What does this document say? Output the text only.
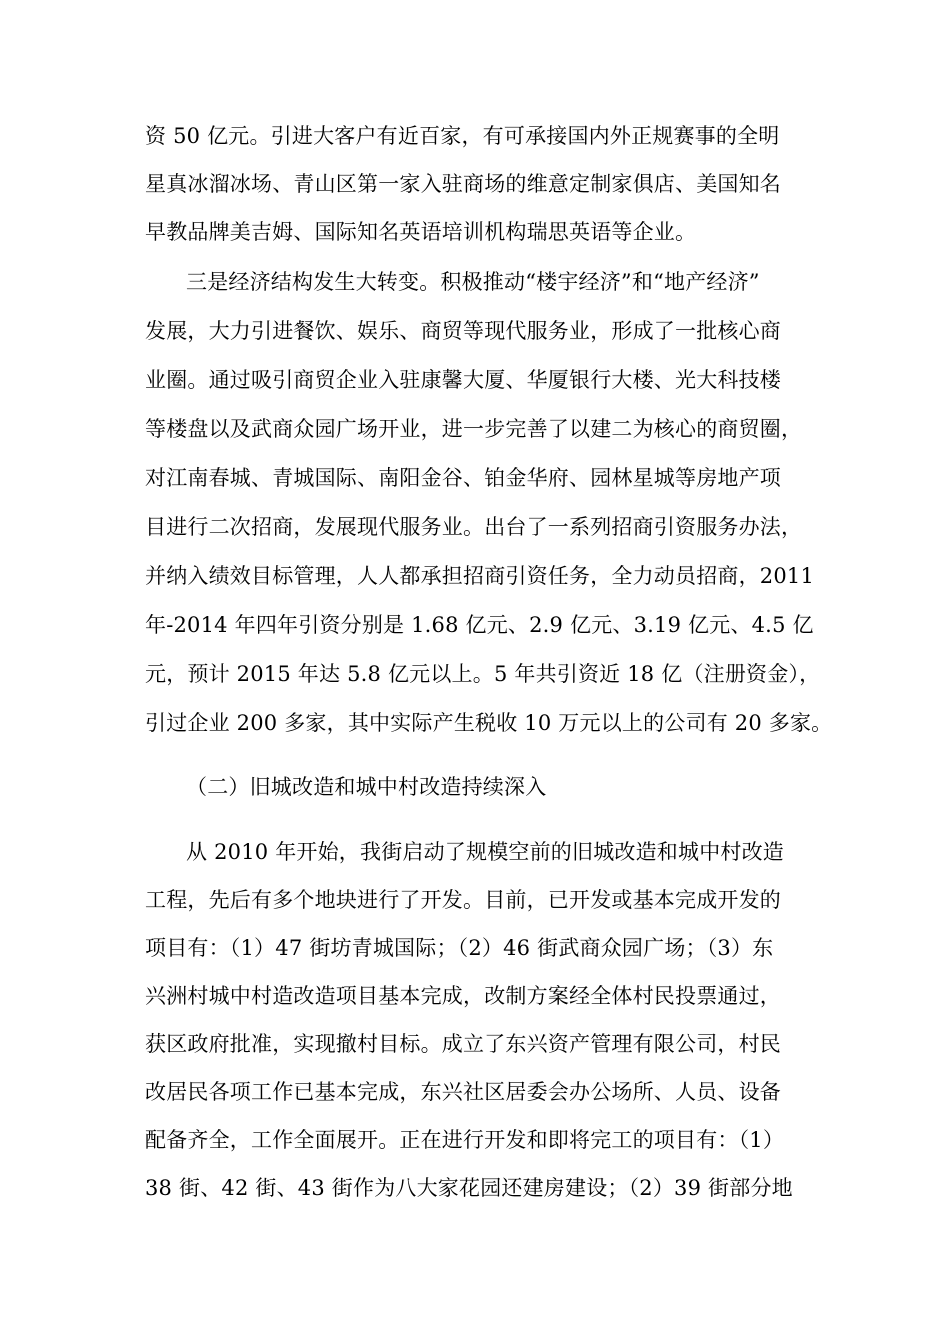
资 50 亿元。引进大客户有近百家，有可承接国内外正规赛事的全明
星真冰溜冰场、青山区第一家入驻商场的维意定制家俱店、美国知名
早教品牌美吉姆、国际知名英语培训机构瑞思英语等企业。
三是经济结构发生大转变。积极推动“楼宇经济”和“地产经济”
发展，大力引进餐饮、娱乐、商贸等现代服务业，形成了一批核心商
业圈。通过吸引商贸企业入驻康馨大厦、华厦银行大楼、光大科技楼
等楼盘以及武商众园广场开业，进一步完善了以建二为核心的商贸圈，
对江南春城、青城国际、南阳金谷、铂金华府、园林星城等房地产项
目进行二次招商，发展现代服务业。出台了一系列招商引资服务办法，
并纳入绩效目标管理，人人都承担招商引资任务，全力动员招商，2011
年-2014 年四年引资分别是 1.68 亿元、2.9 亿元、3.19 亿元、4.5 亿
元，预计 2015 年达 5.8 亿元以上。5 年共引资近 18 亿（注册资金），
引过企业 200 多家，其中实际产生税收 10 万元以上的公司有 20 多家。
（二）旧城改造和城中村改造持续深入
从 2010 年开始，我街启动了规模空前的旧城改造和城中村改造
工程，先后有多个地块进行了开发。目前，已开发或基本完成开发的
项目有：（1）47 街坊青城国际；（2）46 街武商众园广场；（3）东
兴洲村城中村造改造项目基本完成，改制方案经全体村民投票通过，
获区政府批准，实现撤村目标。成立了东兴资产管理有限公司，村民
改居民各项工作已基本完成，东兴社区居委会办公场所、人员、设备
配备齐全，工作全面展开。正在进行开发和即将完工的项目有：（1）
38 街、42 街、43 街作为八大家花园还建房建设；（2）39 街部分地
